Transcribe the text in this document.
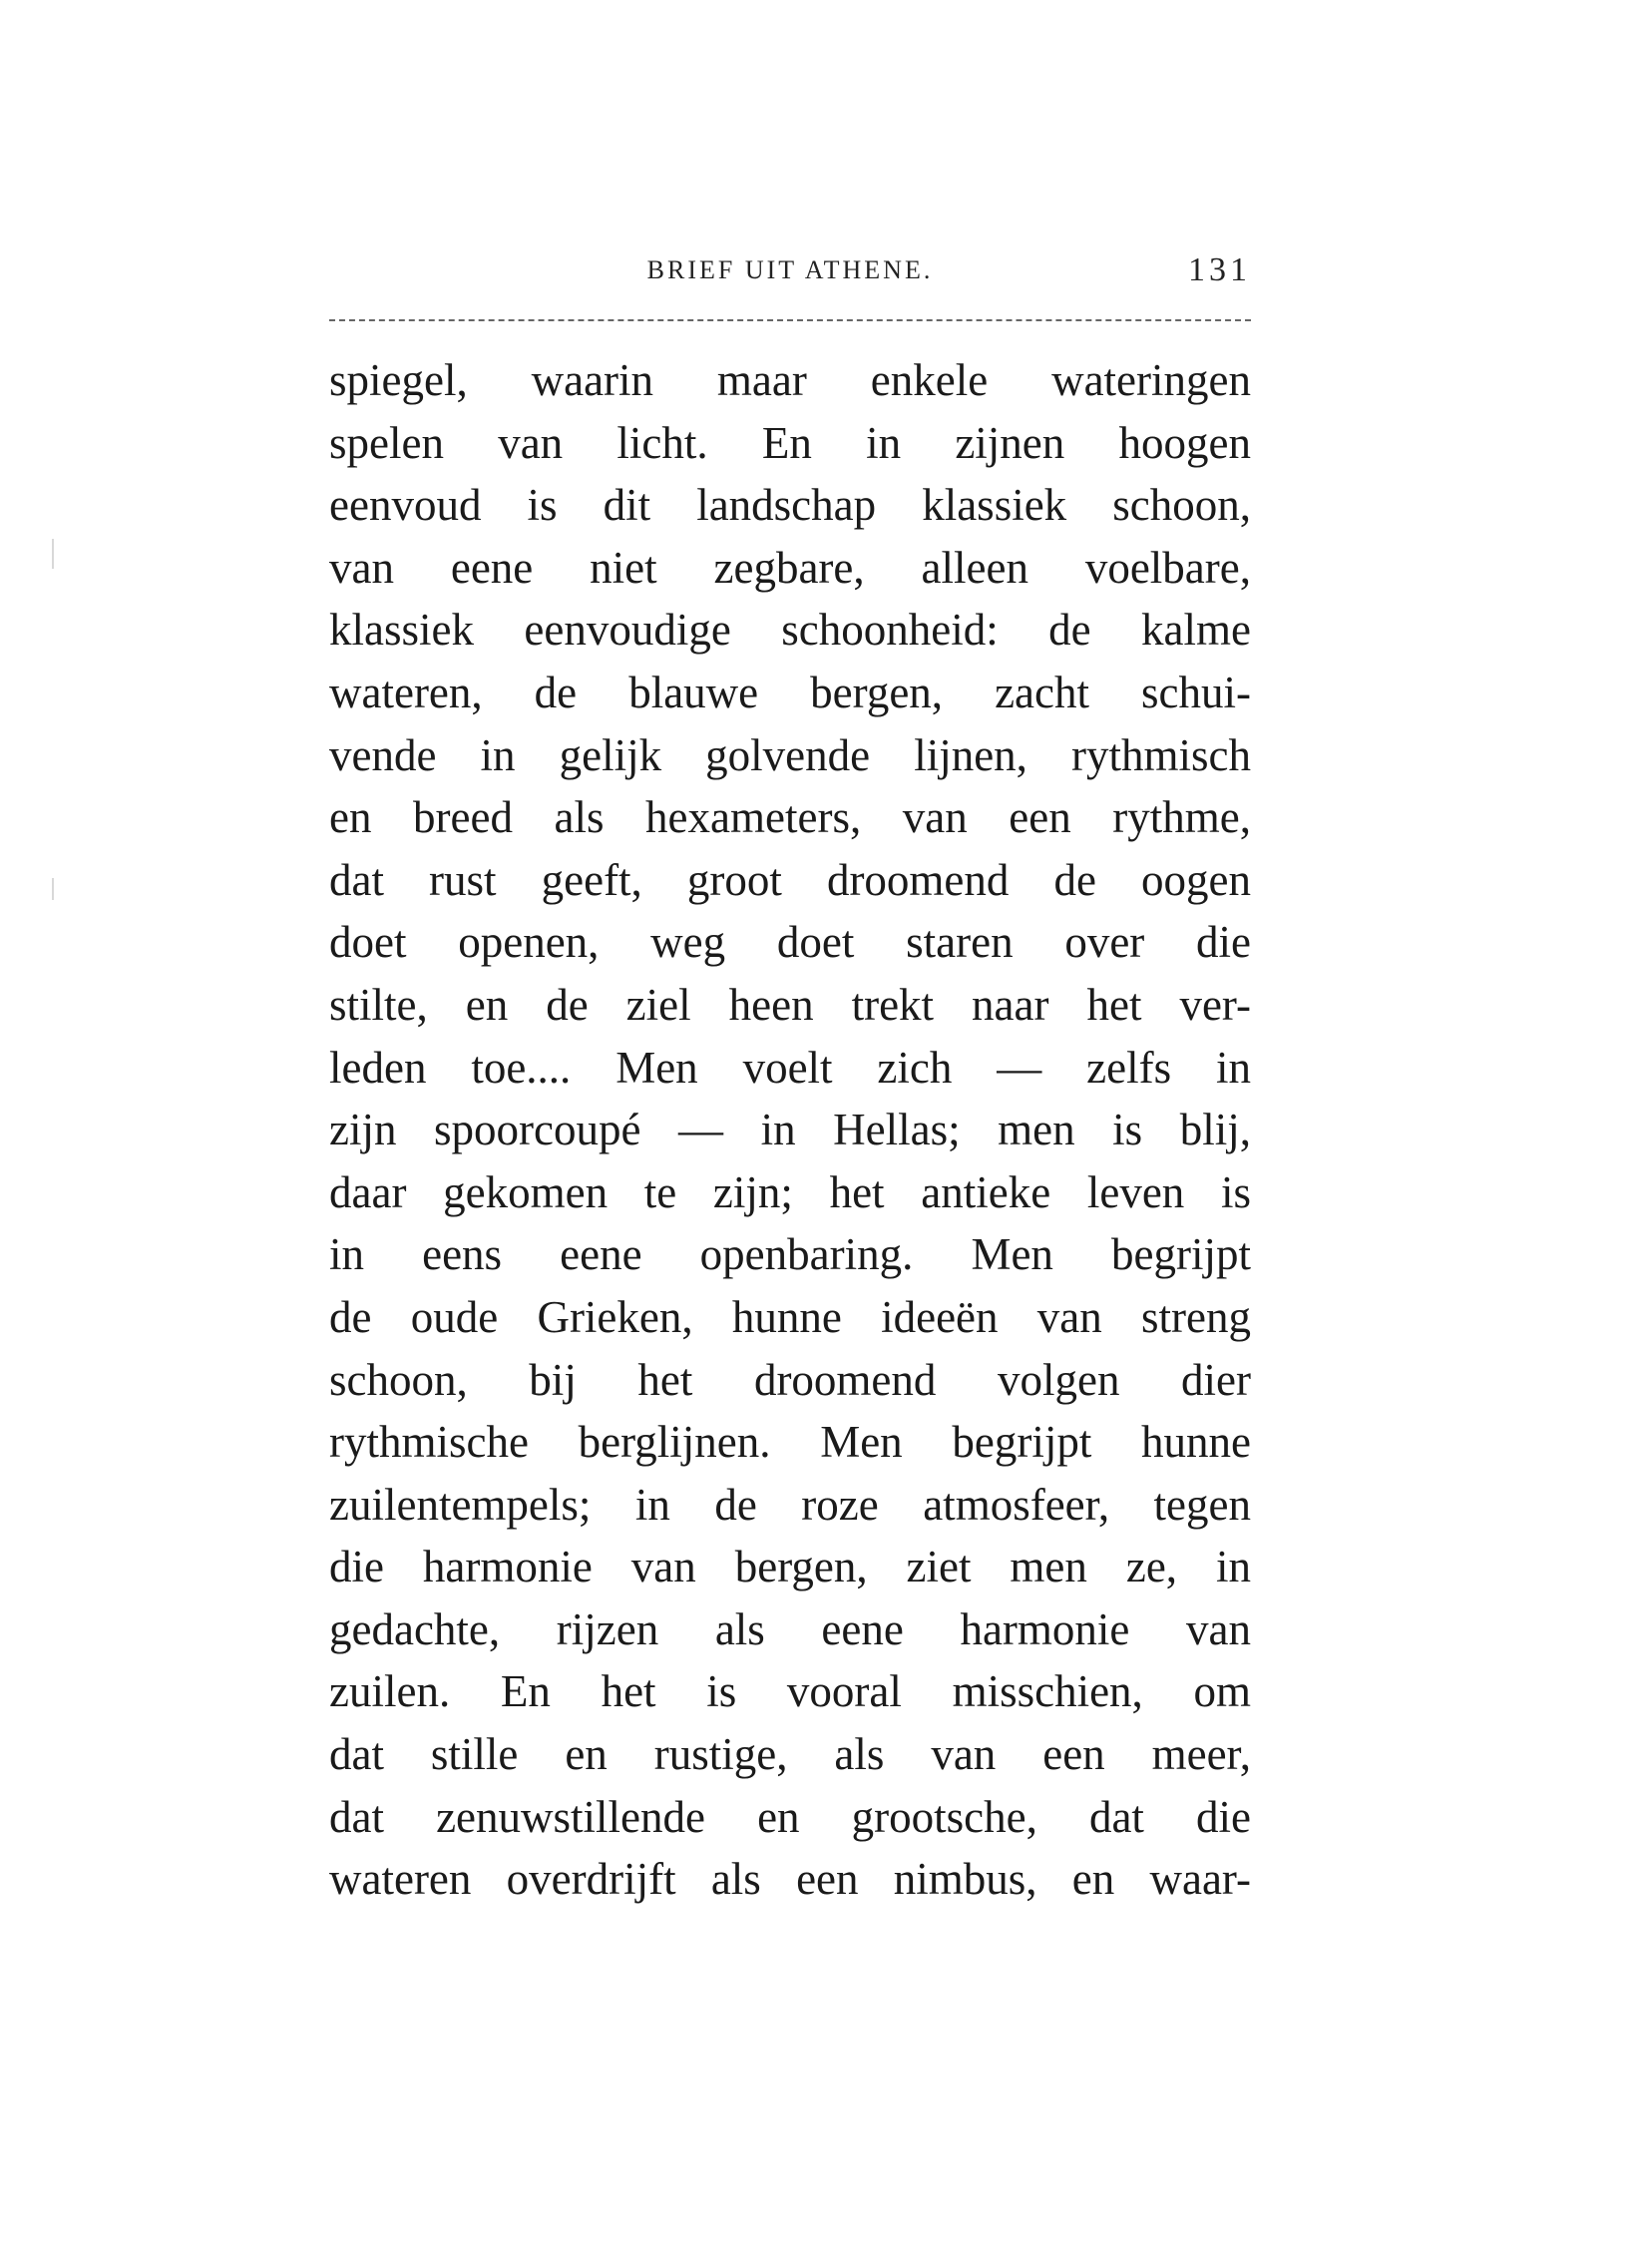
BRIEF UIT ATHENE.	131
spiegel, waarin maar enkele wateringen
spelen van licht. En in zijnen hoogen
eenvoud is dit landschap klassiek schoon,
van eene niet zegbare, alleen voelbare,
klassiek eenvoudige schoonheid: de kalme
wateren, de blauwe bergen, zacht schui-
vende in gelijk golvende lijnen, rythmisch
en breed als hexameters, van een rythme,
dat rust geeft, groot droomend de oogen
doet openen, weg doet staren over die
stilte, en de ziel heen trekt naar het ver-
leden toe.... Men voelt zich — zelfs in
zijn spoorcoupé — in Hellas; men is blij,
daar gekomen te zijn; het antieke leven is
in eens eene openbaring. Men begrijpt
de oude Grieken, hunne ideeën van streng
schoon, bij het droomend volgen dier
rythmische berglijnen. Men begrijpt hunne
zuilentempels; in de roze atmosfeer, tegen
die harmonie van bergen, ziet men ze, in
gedachte, rijzen als eene harmonie van
zuilen. En het is vooral misschien, om
dat stille en rustige, als van een meer,
dat zenuwstillende en grootsche, dat die
wateren overdrijft als een nimbus, en waar-
